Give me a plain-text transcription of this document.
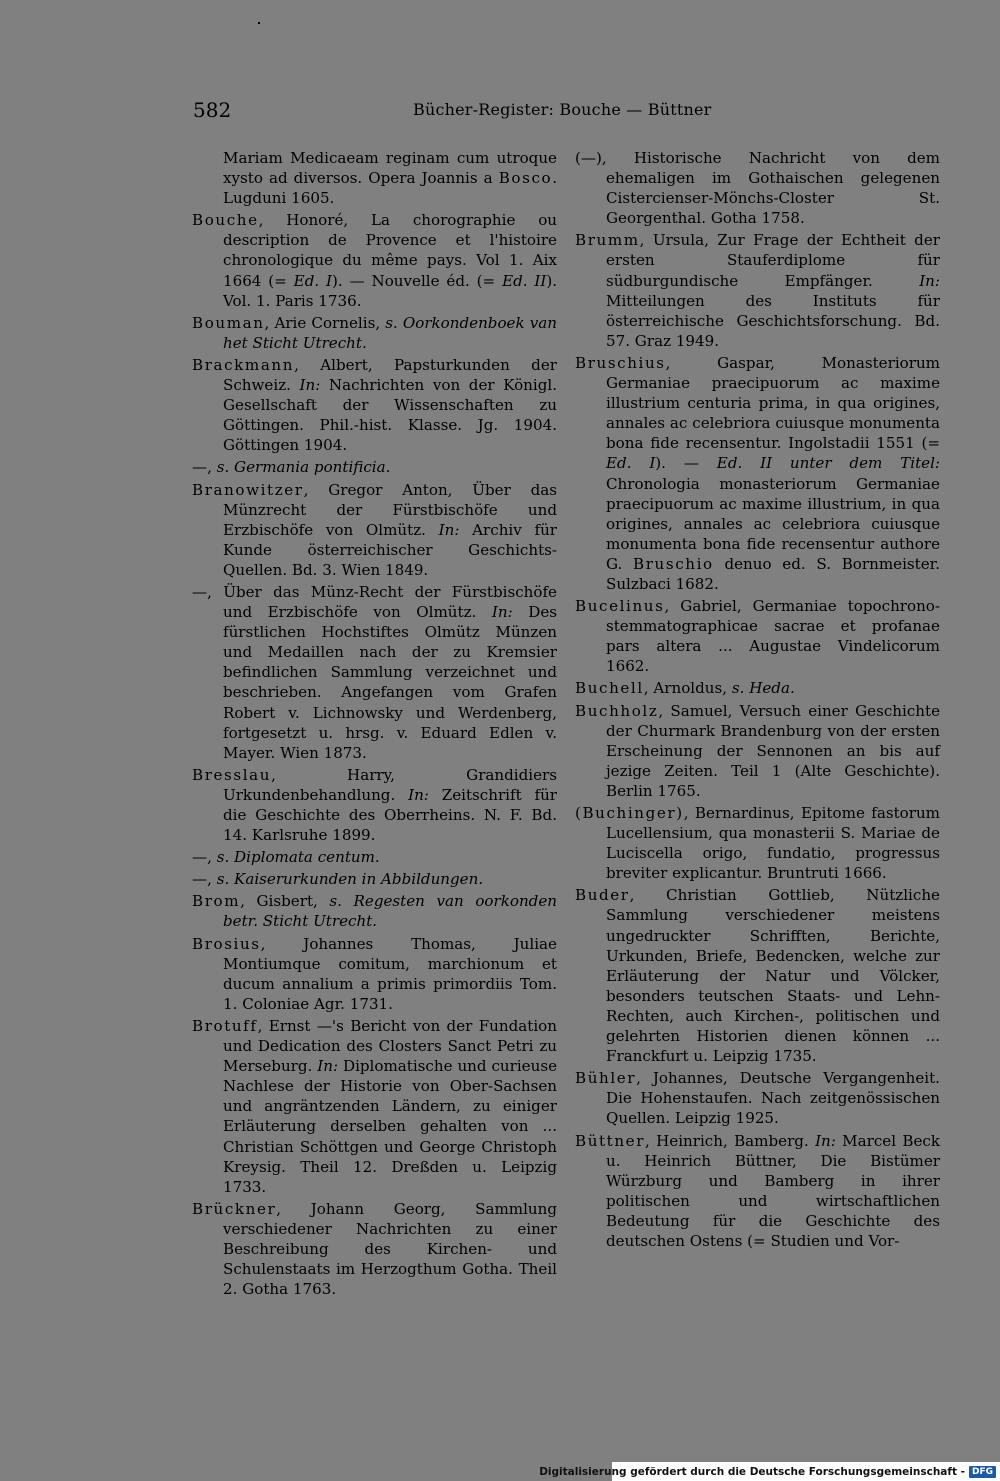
582	Bücher-Register: Bouche — Büttner

Mariam Medicaeam reginam cum utroque xysto ad diversos. Opera Joannis a Bosco. Lugduni 1605.

Bouche, Honoré, La chorographie ou description de Provence et l'histoire chronologique du même pays. Vol 1. Aix 1664 (= Ed. I). — Nouvelle éd. (= Ed. II). Vol. 1. Paris 1736.

Bouman, Arie Cornelis, s. Oorkondenboek van het Sticht Utrecht.

Brackmann, Albert, Papsturkunden der Schweiz. In: Nachrichten von der Königl. Gesellschaft der Wissenschaften zu Göttingen. Phil.-hist. Klasse. Jg. 1904. Göttingen 1904.

—, s. Germania pontificia.

Branowitzer, Gregor Anton, Über das Münzrecht der Fürstbischöfe und Erzbischöfe von Olmütz. In: Archiv für Kunde österreichischer Geschichts-Quellen. Bd. 3. Wien 1849.

—, Über das Münz-Recht der Fürstbischöfe und Erzbischöfe von Olmütz. In: Des fürstlichen Hochstiftes Olmütz Münzen und Medaillen nach der zu Kremsier befindlichen Sammlung verzeichnet und beschrieben. Angefangen vom Grafen Robert v. Lichnowsky und Werdenberg, fortgesetzt u. hrsg. v. Eduard Edlen v. Mayer. Wien 1873.

Bresslau, Harry, Grandidiers Urkundenbehandlung. In: Zeitschrift für die Geschichte des Oberrheins. N. F. Bd. 14. Karlsruhe 1899.

—, s. Diplomata centum.

—, s. Kaiserurkunden in Abbildungen.

Brom, Gisbert, s. Regesten van oorkonden betr. Sticht Utrecht.

Brosius, Johannes Thomas, Juliae Montiumque comitum, marchionum et ducum annalium a primis primordiis Tom. 1. Coloniae Agr. 1731.

Brotuff, Ernst —'s Bericht von der Fundation und Dedication des Closters Sanct Petri zu Merseburg. In: Diplomatische und curieuse Nachlese der Historie von Ober-Sachsen und angräntzenden Ländern, zu einiger Erläuterung derselben gehalten von ... Christian Schöttgen und George Christoph Kreysig. Theil 12. Dreßden u. Leipzig 1733.

Brückner, Johann Georg, Sammlung verschiedener Nachrichten zu einer Beschreibung des Kirchen- und Schulenstaats im Herzogthum Gotha. Theil 2. Gotha 1763.

(—), Historische Nachricht von dem ehemaligen im Gothaischen gelegenen Cistercienser-Mönchs-Closter St. Georgenthal. Gotha 1758.

Brumm, Ursula, Zur Frage der Echtheit der ersten Stauferdiplome für südburgundische Empfänger. In: Mitteilungen des Instituts für österreichische Geschichtsforschung. Bd. 57. Graz 1949.

Bruschius, Gaspar, Monasteriorum Germaniae praecipuorum ac maxime illustrium centuria prima, in qua origines, annales ac celebriora cuiusque monumenta bona fide recensentur. Ingolstadii 1551 (= Ed. I). — Ed. II unter dem Titel: Chronologia monasteriorum Germaniae praecipuorum ac maxime illustrium, in qua origines, annales ac celebriora cuiusque monumenta bona fide recensentur authore G. Bruschio denuo ed. S. Bornmeister. Sulzbaci 1682.

Bucelinus, Gabriel, Germaniae topochrono-stemmatographicae sacrae et profanae pars altera ... Augustae Vindelicorum 1662.

Buchell, Arnoldus, s. Heda.

Buchholz, Samuel, Versuch einer Geschichte der Churmark Brandenburg von der ersten Erscheinung der Sennonen an bis auf jezige Zeiten. Teil 1 (Alte Geschichte). Berlin 1765.

(Buchinger), Bernardinus, Epitome fastorum Lucellensium, qua monasterii S. Mariae de Luciscella origo, fundatio, progressus breviter explicantur. Bruntruti 1666.

Buder, Christian Gottlieb, Nützliche Sammlung verschiedener meistens ungedruckter Schrifften, Berichte, Urkunden, Briefe, Bedencken, welche zur Erläuterung der Natur und Völcker, besonders teutschen Staats- und Lehn-Rechten, auch Kirchen-, politischen und gelehrten Historien dienen können ... Franckfurt u. Leipzig 1735.

Bühler, Johannes, Deutsche Vergangenheit. Die Hohenstaufen. Nach zeitgenössischen Quellen. Leipzig 1925.

Büttner, Heinrich, Bamberg. In: Marcel Beck u. Heinrich Büttner, Die Bistümer Würzburg und Bamberg in ihrer politischen und wirtschaftlichen Bedeutung für die Geschichte des deutschen Ostens (= Studien und Vor-

Digitalisierung gefördert durch die Deutsche Forschungsgemeinschaft - DFG
